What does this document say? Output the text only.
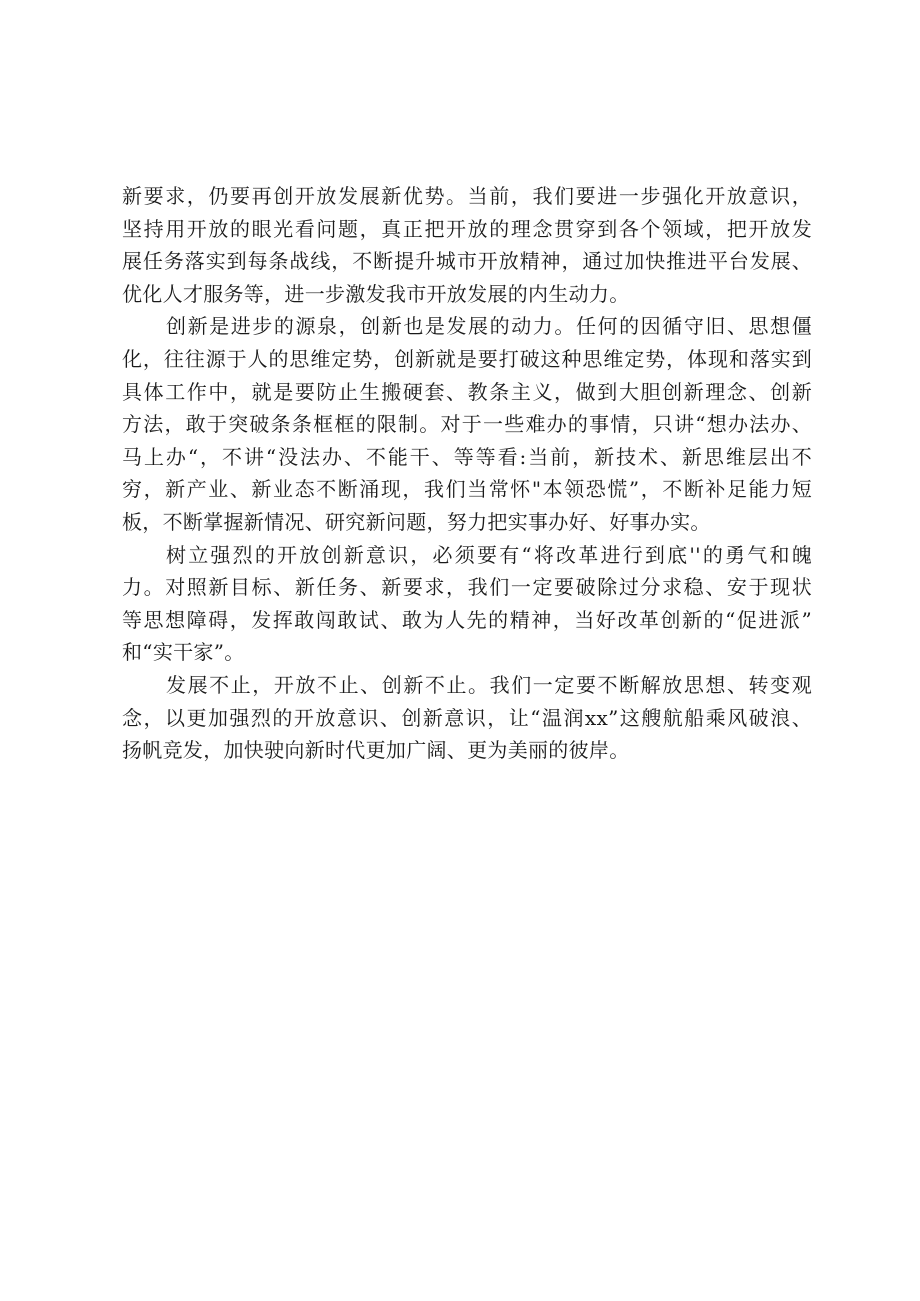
新要求，仍要再创开放发展新优势。当前，我们要进一步强化开放意识，
坚持用开放的眼光看问题，真正把开放的理念贯穿到各个领域，把开放发
展任务落实到每条战线，不断提升城市开放精神，通过加快推进平台发展、
优化人才服务等，进一步激发我市开放发展的内生动力。

创新是进步的源泉，创新也是发展的动力。任何的因循守旧、思想僵
化，往往源于人的思维定势，创新就是要打破这种思维定势，体现和落实到
具体工作中，就是要防止生搬硬套、教条主义，做到大胆创新理念、创新
方法，敢于突破条条框框的限制。对于一些难办的事情，只讲“想办法办、
马上办“，不讲“没法办、不能干、等等看:当前，新技术、新思维层出不
穷，新产业、新业态不断涌现，我们当常怀"本领恐慌”，不断补足能力短
板，不断掌握新情况、研究新问题，努力把实事办好、好事办实。

树立强烈的开放创新意识，必须要有“将改革进行到底''的勇气和魄
力。对照新目标、新任务、新要求，我们一定要破除过分求稳、安于现状
等思想障碍，发挥敢闯敢试、敢为人先的精神，当好改革创新的“促进派”
和“实干家”。

发展不止，开放不止、创新不止。我们一定要不断解放思想、转变观
念，以更加强烈的开放意识、创新意识，让“温润xx”这艘航船乘风破浪、
扬帆竞发，加快驶向新时代更加广阔、更为美丽的彼岸。
